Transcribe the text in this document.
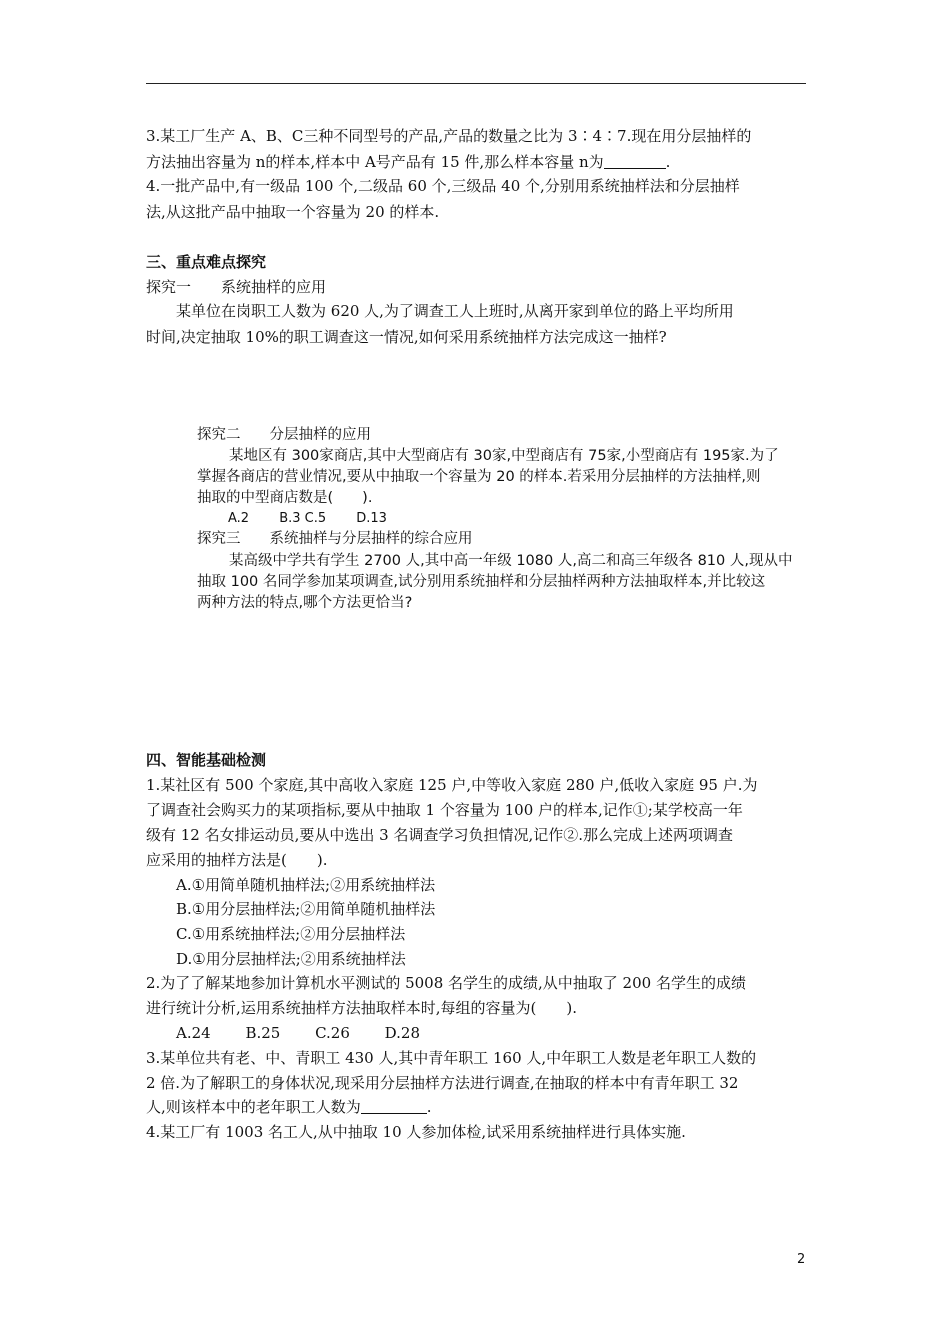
3.某工厂生产 A、B、C三种不同型号的产品,产品的数量之比为 3∶4∶7.现在用分层抽样的
方法抽出容量为 n的样本,样本中 A号产品有 15 件,那么样本容量 n为	.
4.一批产品中,有一级品 100 个,二级品 60 个,三级品 40 个,分别用系统抽样法和分层抽样
法,从这批产品中抽取一个容量为 20 的样本.
三、重点难点探究
探究一　　系统抽样的应用
某单位在岗职工人数为 620 人,为了调查工人上班时,从离开家到单位的路上平均所用
时间,决定抽取 10%的职工调查这一情况,如何采用系统抽样方法完成这一抽样?
探究二　　分层抽样的应用
某地区有 300家商店,其中大型商店有 30家,中型商店有 75家,小型商店有 195家.为了
掌握各商店的营业情况,要从中抽取一个容量为 20 的样本.若采用分层抽样的方法抽样,则
抽取的中型商店数是(　　).
A.2　　 B.3 C.5　　 D.13
探究三　　系统抽样与分层抽样的综合应用
某高级中学共有学生 2700 人,其中高一年级 1080 人,高二和高三年级各 810 人,现从中
抽取 100 名同学参加某项调查,试分别用系统抽样和分层抽样两种方法抽取样本,并比较这
两种方法的特点,哪个方法更恰当?
四、智能基础检测
1.某社区有 500 个家庭,其中高收入家庭 125 户,中等收入家庭 280 户,低收入家庭 95 户.为
了调查社会购买力的某项指标,要从中抽取 1 个容量为 100 户的样本,记作①;某学校高一年
级有 12 名女排运动员,要从中选出 3 名调查学习负担情况,记作②.那么完成上述两项调查
应采用的抽样方法是(　　).
A.①用简单随机抽样法;②用系统抽样法
B.①用分层抽样法;②用简单随机抽样法
C.①用系统抽样法;②用分层抽样法
D.①用分层抽样法;②用系统抽样法
2.为了了解某地参加计算机水平测试的 5008 名学生的成绩,从中抽取了 200 名学生的成绩
进行统计分析,运用系统抽样方法抽取样本时,每组的容量为(　　).
A.24　　 B.25　　 C.26　　 D.28
3.某单位共有老、中、青职工 430 人,其中青年职工 160 人,中年职工人数是老年职工人数的
2 倍.为了解职工的身体状况,现采用分层抽样方法进行调查,在抽取的样本中有青年职工 32
人,则该样本中的老年职工人数为	.
4.某工厂有 1003 名工人,从中抽取 10 人参加体检,试采用系统抽样进行具体实施.
2
